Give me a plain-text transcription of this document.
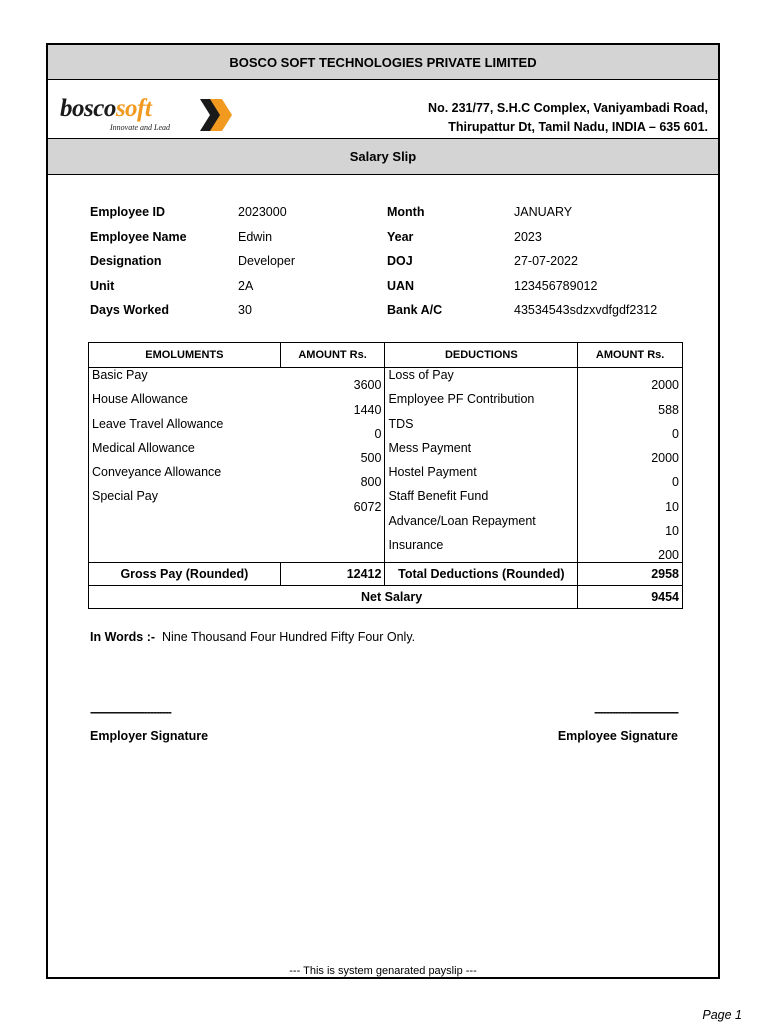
BOSCO SOFT TECHNOLOGIES PRIVATE LIMITED
boscosoft
Innovate and Lead
No. 231/77, S.H.C Complex, Vaniyambadi Road,
Thirupattur Dt, Tamil Nadu, INDIA – 635 601.
Salary Slip
Employee ID	2023000
Employee Name	Edwin
Designation	Developer
Unit	2A
Days Worked	30
Month	JANUARY
Year	2023
DOJ	27-07-2022
UAN	123456789012
Bank A/C	43534543sdzxvdfgdf2312
EMOLUMENTS	AMOUNT Rs.	DEDUCTIONS	AMOUNT Rs.
Basic Pay	3600	Loss of Pay	2000
House Allowance	1440	Employee PF Contribution	588
Leave Travel Allowance	0	TDS	0
Medical Allowance	500	Mess Payment	2000
Conveyance Allowance	800	Hostel Payment	0
Special Pay	6072	Staff Benefit Fund	10
		Advance/Loan Repayment	10
		Insurance	200
Gross Pay (Rounded)	12412	Total Deductions (Rounded)	2958
Net Salary			9454
In Words :- Nine Thousand Four Hundred Fifty Four Only.
---------------------------	----------------------------
Employer Signature	Employee Signature
--- This is system genarated payslip ---
Page 1
